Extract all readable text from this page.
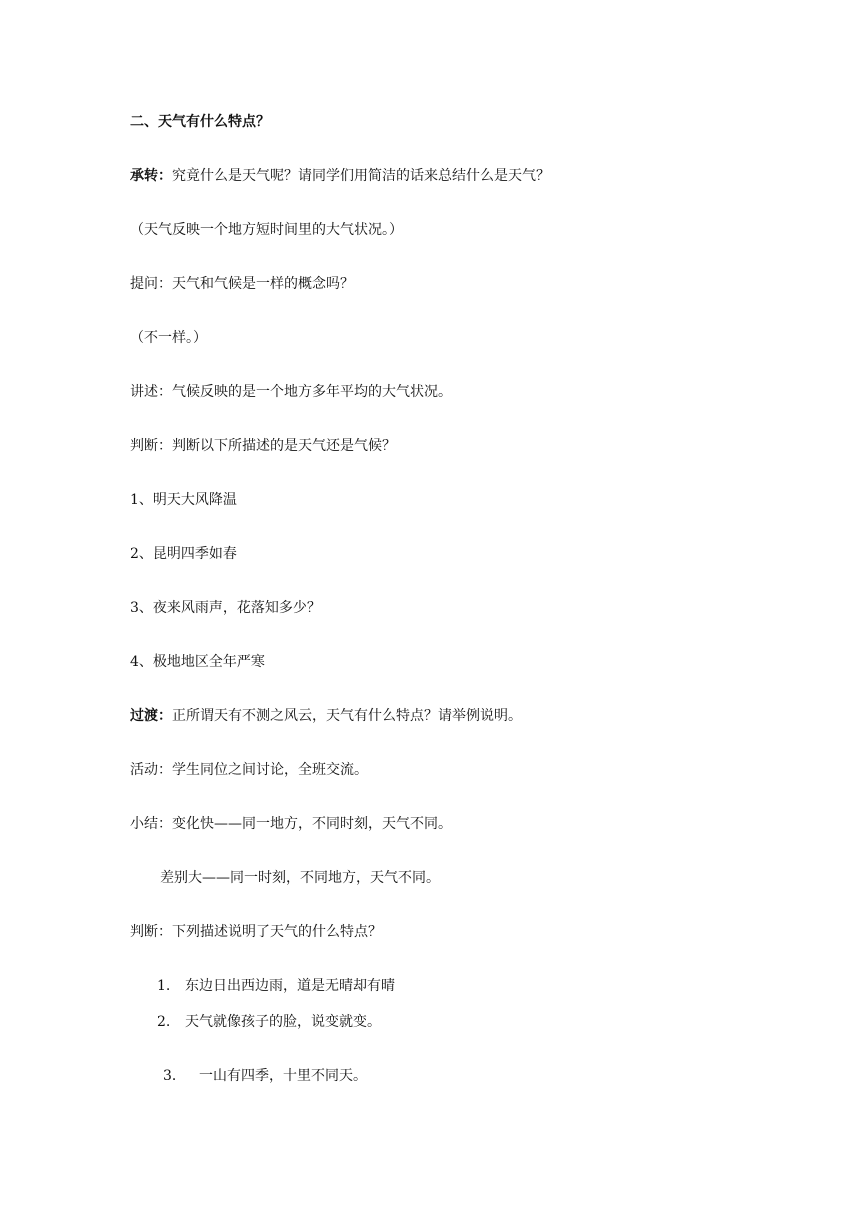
二、天气有什么特点？
承转：究竟什么是天气呢？请同学们用简洁的话来总结什么是天气？
（天气反映一个地方短时间里的大气状况。）
提问：天气和气候是一样的概念吗？
（不一样。）
讲述：气候反映的是一个地方多年平均的大气状况。
判断：判断以下所描述的是天气还是气候？
1、明天大风降温
2、昆明四季如春
3、夜来风雨声，花落知多少？
4、极地地区全年严寒
过渡：正所谓天有不测之风云，天气有什么特点？请举例说明。
活动：学生同位之间讨论，全班交流。
小结：变化快——同一地方，不同时刻，天气不同。
差别大——同一时刻，不同地方，天气不同。
判断：下列描述说明了天气的什么特点？
1. 东边日出西边雨，道是无晴却有晴
2. 天气就像孩子的脸，说变就变。
3． 一山有四季，十里不同天。
